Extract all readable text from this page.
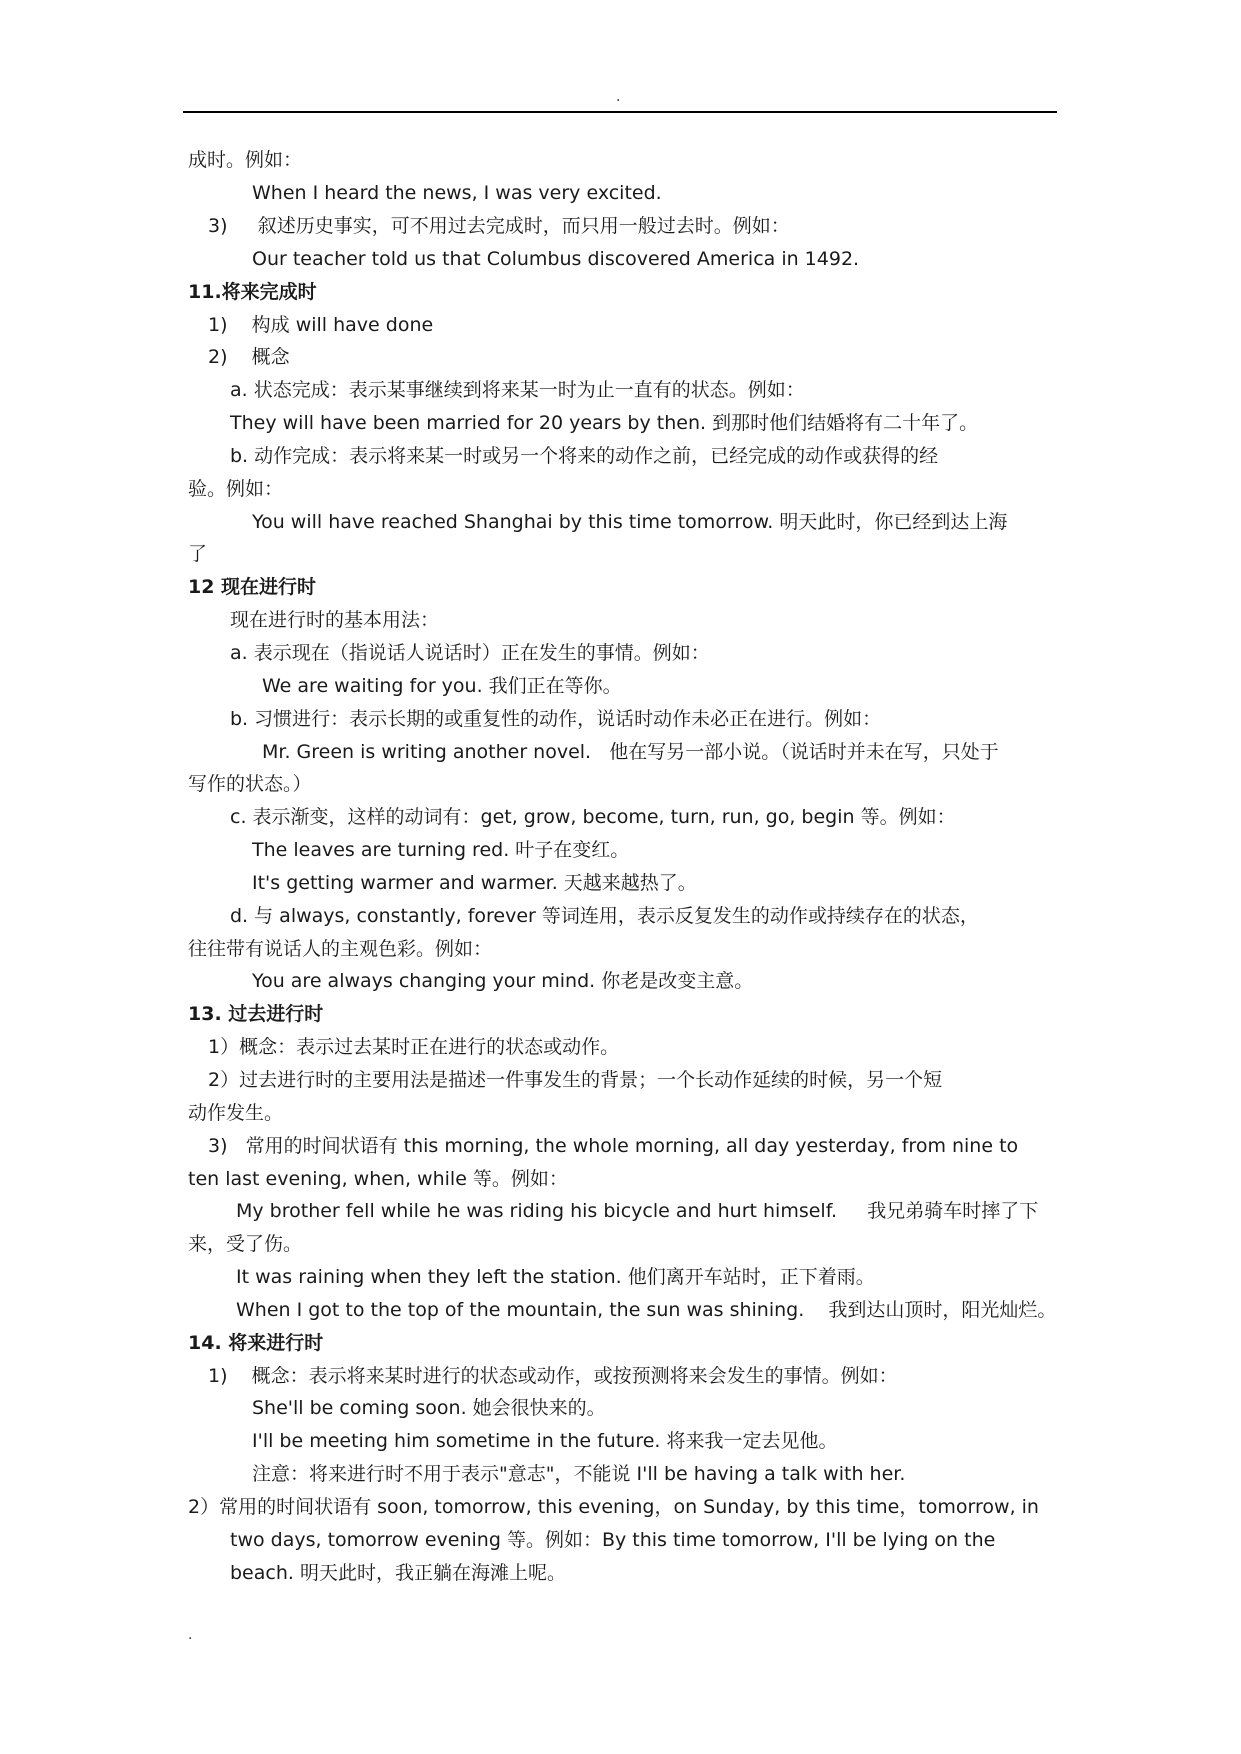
.
成时。例如：
When I heard the news, I was very excited.
3)     叙述历史事实，可不用过去完成时，而只用一般过去时。例如：
Our teacher told us that Columbus discovered America in 1492.
11.将来完成时
1)    构成 will have done
2)    概念
a. 状态完成：表示某事继续到将来某一时为止一直有的状态。例如：
They will have been married for 20 years by then. 到那时他们结婚将有二十年了。
b. 动作完成：表示将来某一时或另一个将来的动作之前，已经完成的动作或获得的经
验。例如：
You will have reached Shanghai by this time tomorrow. 明天此时，你已经到达上海
了
12 现在进行时
现在进行时的基本用法：
a. 表示现在（指说话人说话时）正在发生的事情。例如：
We are waiting for you. 我们正在等你。
b. 习惯进行：表示长期的或重复性的动作，说话时动作未必正在进行。例如：
Mr. Green is writing another novel.   他在写另一部小说。（说话时并未在写，只处于
写作的状态。）
c. 表示渐变，这样的动词有：get, grow, become, turn, run, go, begin 等。例如：
The leaves are turning red. 叶子在变红。
It's getting warmer and warmer. 天越来越热了。
d. 与 always, constantly, forever 等词连用，表示反复发生的动作或持续存在的状态，
往往带有说话人的主观色彩。例如：
You are always changing your mind. 你老是改变主意。
13. 过去进行时
1）概念：表示过去某时正在进行的状态或动作。
2）过去进行时的主要用法是描述一件事发生的背景；一个长动作延续的时候，另一个短
动作发生。
3)   常用的时间状语有 this morning, the whole morning, all day yesterday, from nine to
ten last evening, when, while 等。例如：
My brother fell while he was riding his bicycle and hurt himself.     我兄弟骑车时摔了下
来，受了伤。
It was raining when they left the station. 他们离开车站时，正下着雨。
When I got to the top of the mountain, the sun was shining.    我到达山顶时，阳光灿烂。
14. 将来进行时
1)    概念：表示将来某时进行的状态或动作，或按预测将来会发生的事情。例如：
She'll be coming soon. 她会很快来的。
I'll be meeting him sometime in the future. 将来我一定去见他。
注意：将来进行时不用于表示"意志"，不能说 I'll be having a talk with her.
2）常用的时间状语有 soon, tomorrow, this evening，on Sunday, by this time，tomorrow, in
two days, tomorrow evening 等。例如：By this time tomorrow, I'll be lying on the
beach. 明天此时，我正躺在海滩上呢。
.
